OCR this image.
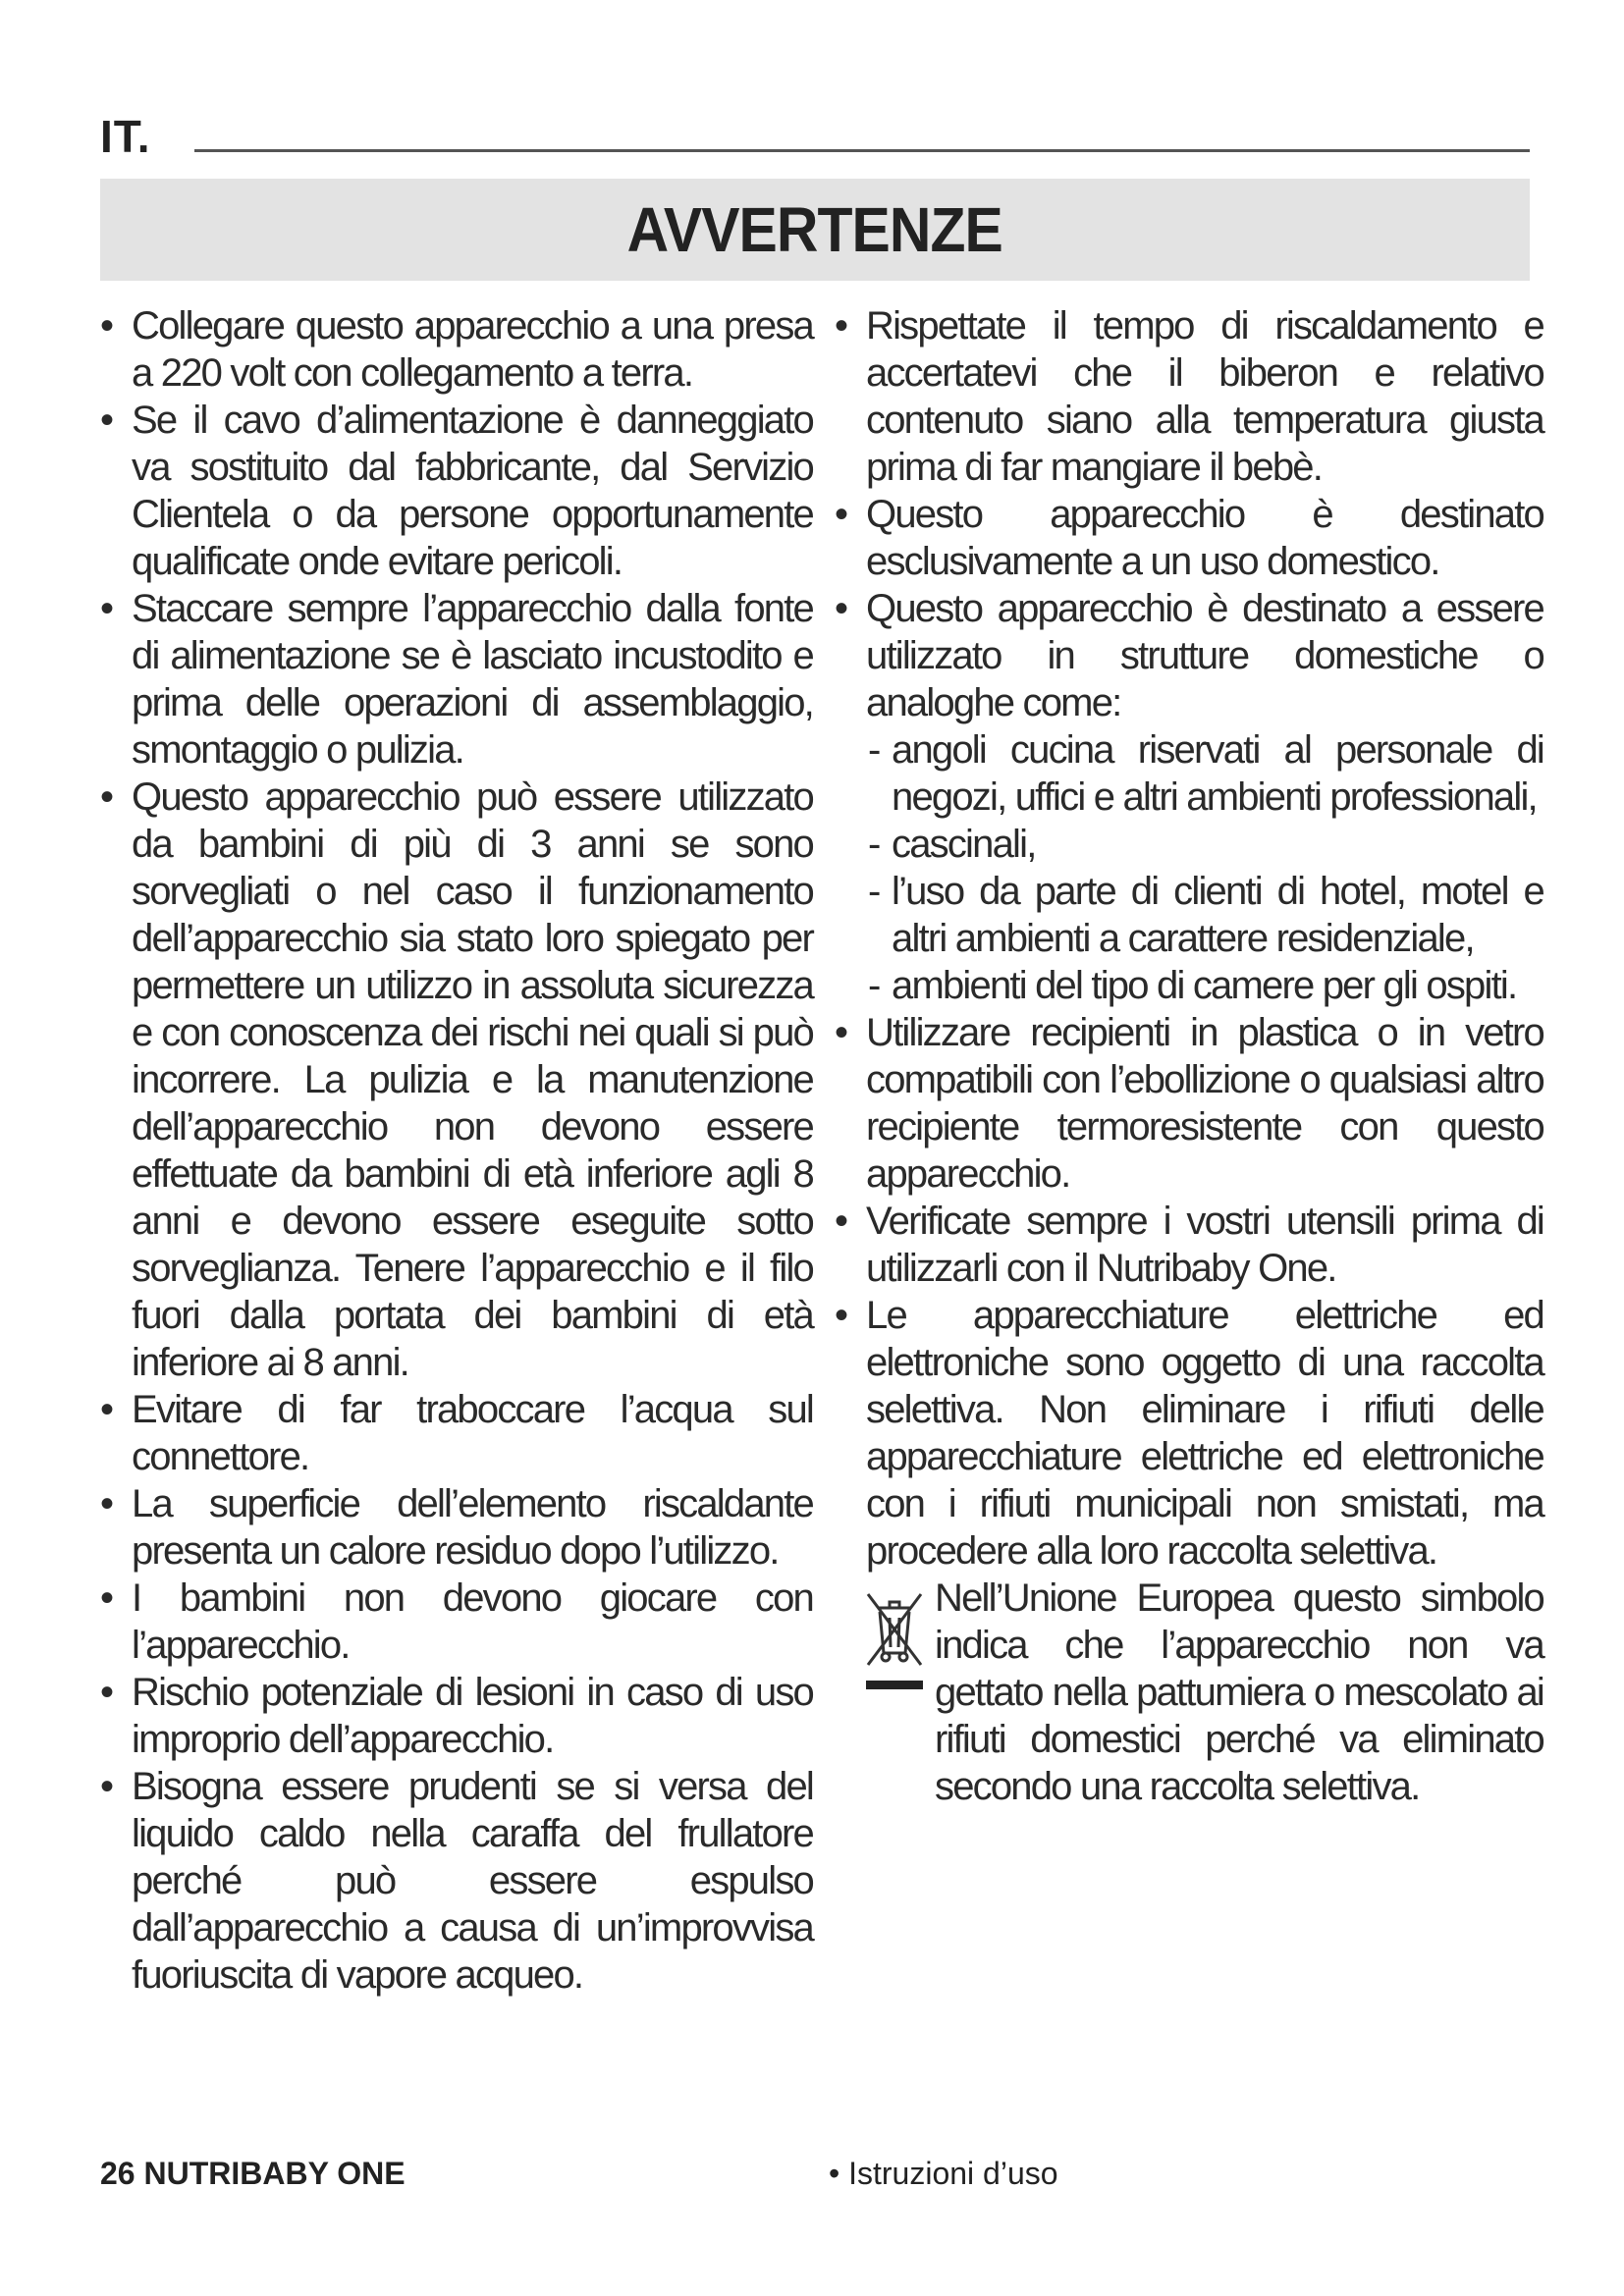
IT.
AVVERTENZE
• Collegare questo apparecchio a una presa a 220 volt con collegamento a terra.
• Se il cavo d’alimentazione è danneggiato va sostituito dal fabbricante, dal Servizio Clientela o da persone opportunamente qualificate onde evitare pericoli.
• Staccare sempre l’apparecchio dalla fonte di alimentazione se è lasciato incustodito e prima delle operazioni di assemblaggio, smontaggio o pulizia.
• Questo apparecchio può essere utilizzato da bambini di più di 3 anni se sono sorvegliati o nel caso il funzionamento dell’apparecchio sia stato loro spiegato per permettere un utilizzo in assoluta sicurezza e con conoscenza dei rischi nei quali si può incorrere. La pulizia e la manutenzione dell’apparecchio non devono essere effettuate da bambini di età inferiore agli 8 anni e devono essere eseguite sotto sorveglianza. Tenere l’apparecchio e il filo fuori dalla portata dei bambini di età inferiore ai 8 anni.
• Evitare di far traboccare l’acqua sul connettore.
• La superficie dell’elemento riscaldante presenta un calore residuo dopo l’utilizzo.
• I bambini non devono giocare con l’apparecchio.
• Rischio potenziale di lesioni in caso di uso improprio dell’apparecchio.
• Bisogna essere prudenti se si versa del liquido caldo nella caraffa del frullatore perché può essere espulso dall’apparecchio a causa di un’improvvisa fuoriuscita di vapore acqueo.
• Rispettate il tempo di riscaldamento e accertatevi che il biberon e relativo contenuto siano alla temperatura giusta prima di far mangiare il bebè.
• Questo apparecchio è destinato esclusivamente a un uso domestico.
• Questo apparecchio è destinato a essere utilizzato in strutture domestiche o analoghe come:
- angoli cucina riservati al personale di negozi, uffici e altri ambienti professionali,
- cascinali,
- l’uso da parte di clienti di hotel, motel e altri ambienti a carattere residenziale,
- ambienti del tipo di camere per gli ospiti.
• Utilizzare recipienti in plastica o in vetro compatibili con l’ebollizione o qualsiasi altro recipiente termoresistente con questo apparecchio.
• Verificate sempre i vostri utensili prima di utilizzarli con il Nutribaby One.
• Le apparecchiature elettriche ed elettroniche sono oggetto di una raccolta selettiva. Non eliminare i rifiuti delle apparecchiature elettriche ed elettroniche con i rifiuti municipali non smistati, ma procedere alla loro raccolta selettiva.
Nell’Unione Europea questo simbolo indica che l’apparecchio non va gettato nella pattumiera o mescolato ai rifiuti domestici perché va eliminato secondo una raccolta selettiva.
26 NUTRIBABY ONE	• Istruzioni d’uso
